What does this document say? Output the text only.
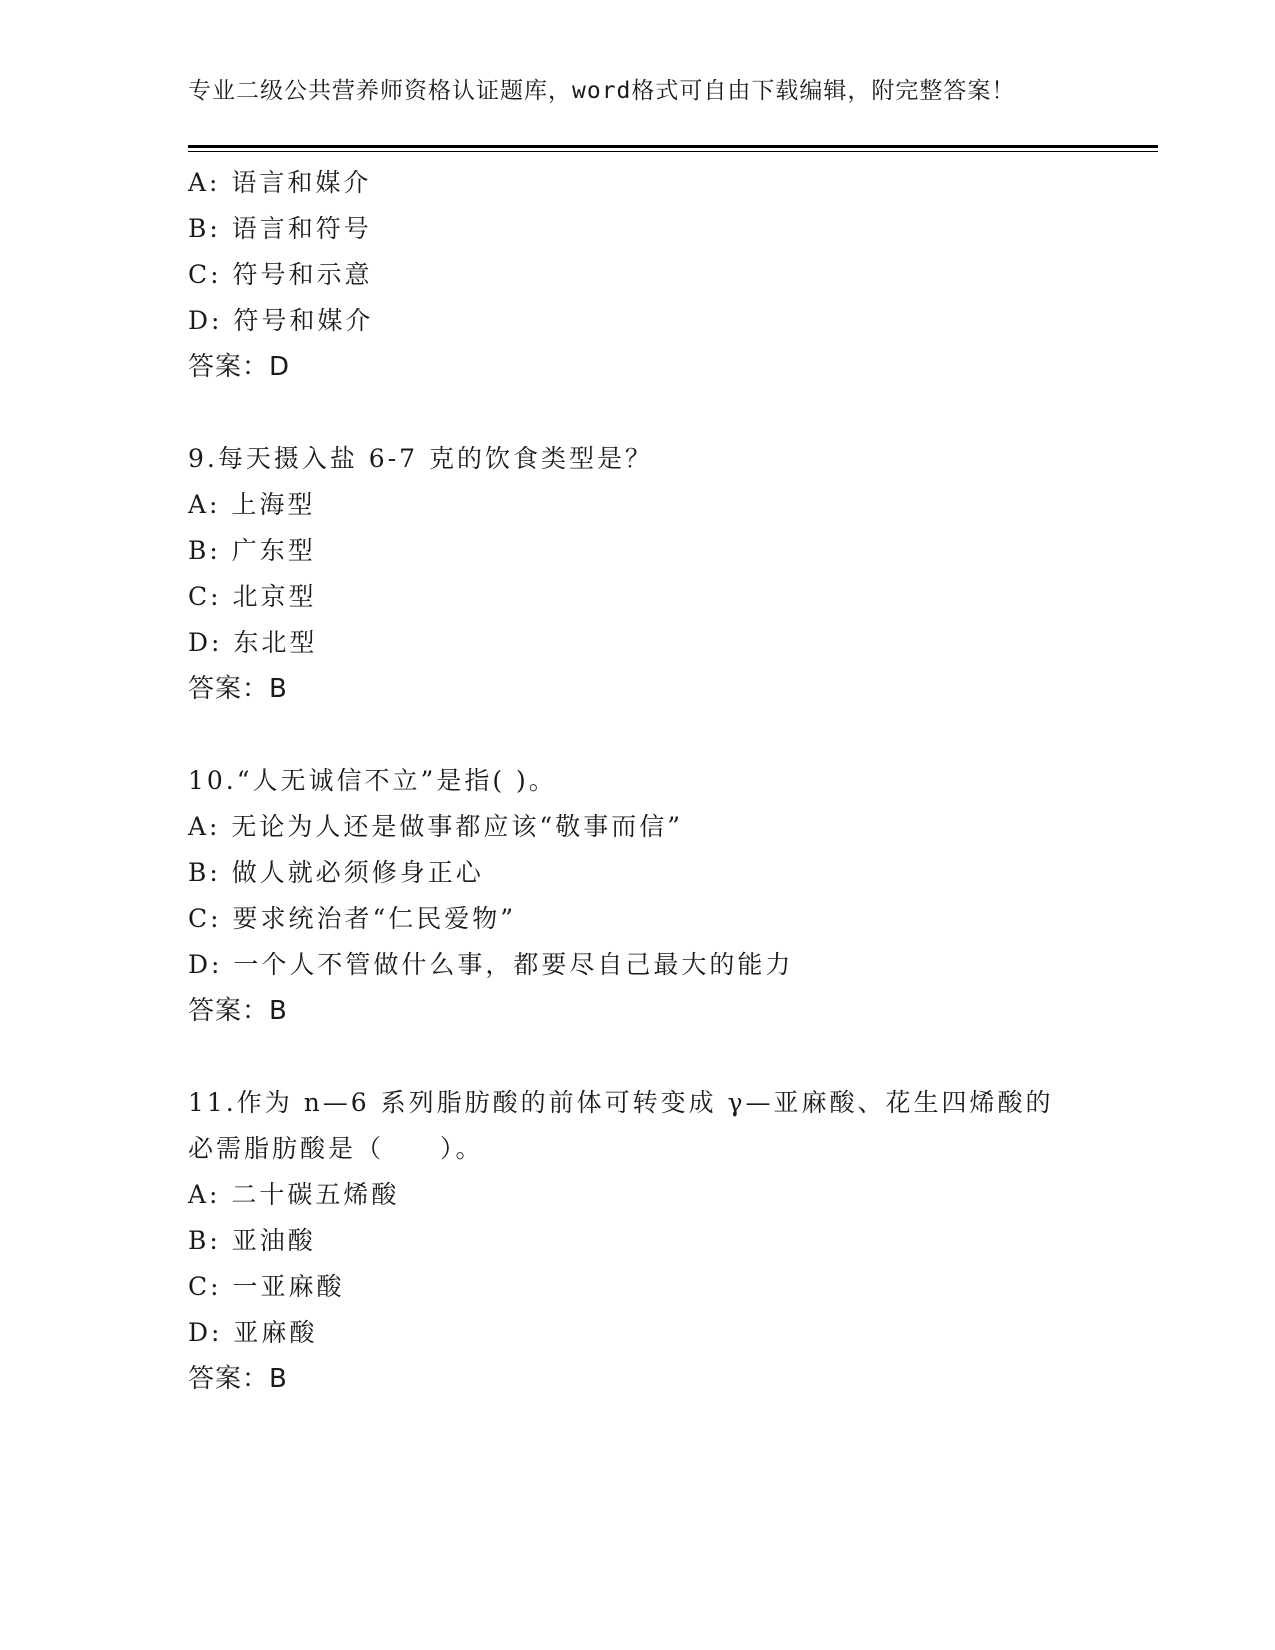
专业二级公共营养师资格认证题库，word格式可自由下载编辑，附完整答案！
A: 语言和媒介
B: 语言和符号
C: 符号和示意
D: 符号和媒介
答案：D
9.每天摄入盐 6-7 克的饮食类型是？
A: 上海型
B: 广东型
C: 北京型
D: 东北型
答案：B
10.“人无诚信不立”是指( )。
A: 无论为人还是做事都应该“敬事而信”
B: 做人就必须修身正心
C: 要求统治者“仁民爱物”
D: 一个人不管做什么事，都要尽自己最大的能力
答案：B
11.作为 n—6 系列脂肪酸的前体可转变成 γ—亚麻酸、花生四烯酸的
必需脂肪酸是（　　）。
A: 二十碳五烯酸
B: 亚油酸
C: 一亚麻酸
D: 亚麻酸
答案：B
